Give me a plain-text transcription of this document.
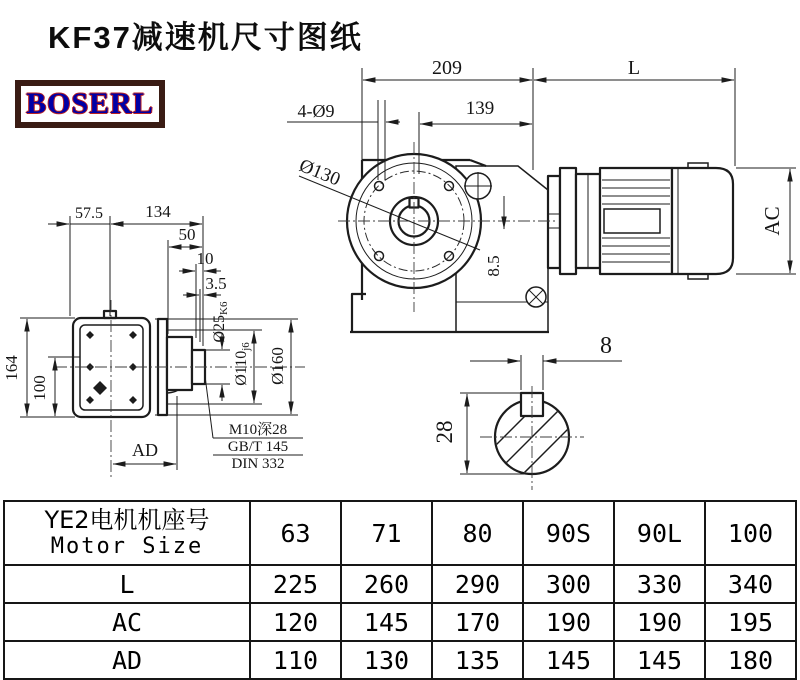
KF37减速机尺寸图纸
BOSERL
209	L
139
4-Ø9
Ø130
8.5
AC
57.5 134
50
10
3.5
Ø25K6
Ø110j6
Ø160
164
100
AD
M10深28
GB/T 145
DIN 332
8
28
YE2电机机座号
Motor Size	63	71	80	90S	90L	100
L	225	260	290	300	330	340
AC	120	145	170	190	190	195
AD	110	130	135	145	145	180
